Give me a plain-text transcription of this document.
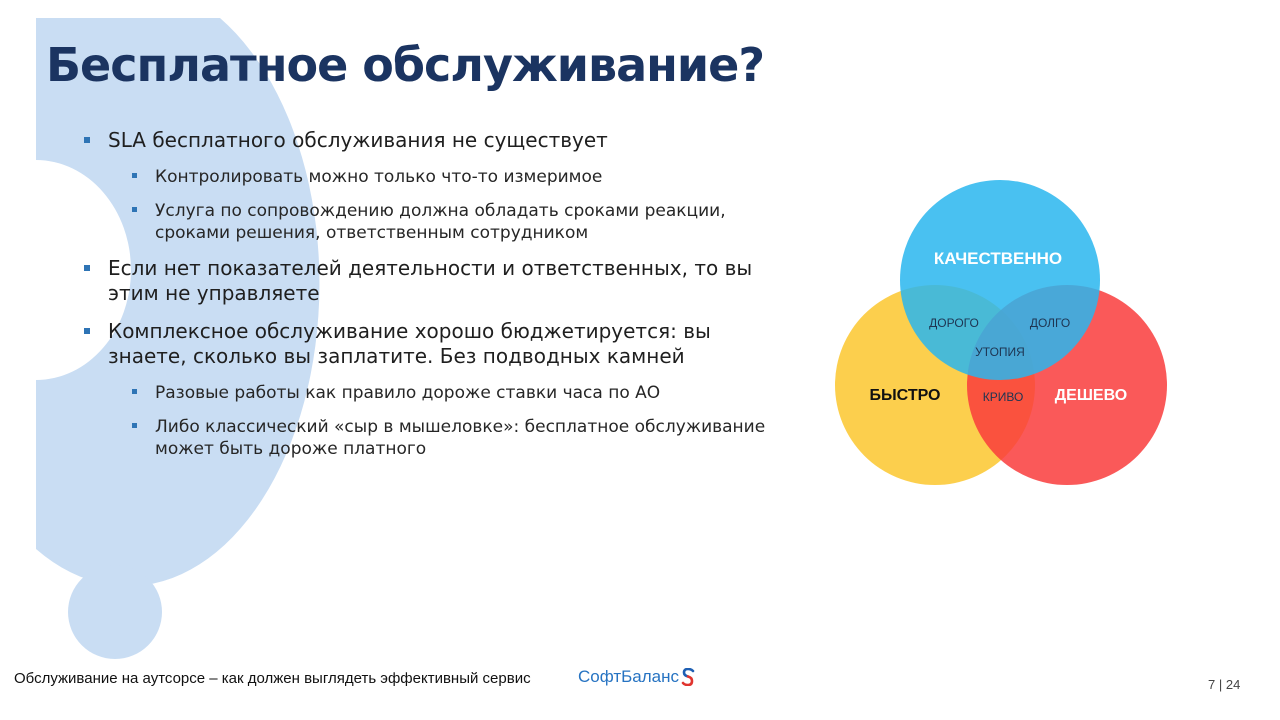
Бесплатное обслуживание?

SLA бесплатного обслуживания не существует

Контролировать можно только что-то измеримое

Услуга по сопровождению должна обладать сроками реакции, сроками решения, ответственным сотрудником

Если нет показателей деятельности и ответственных, то вы этим не управляете

Комплексное обслуживание хорошо бюджетируется: вы знаете, сколько вы заплатите. Без подводных камней

Разовые работы как правило дороже ставки часа по АО

Либо классический «сыр в мышеловке»: бесплатное обслуживание может быть дороже платного

КАЧЕСТВЕННО
БЫСТРО	ДЕШЕВО
ДОРОГО	ДОЛГО
КРИВО
УТОПИЯ
Обслуживание на аутсорсе – как должен выглядеть эффективный сервис	СофтБаланс	7 | 24
